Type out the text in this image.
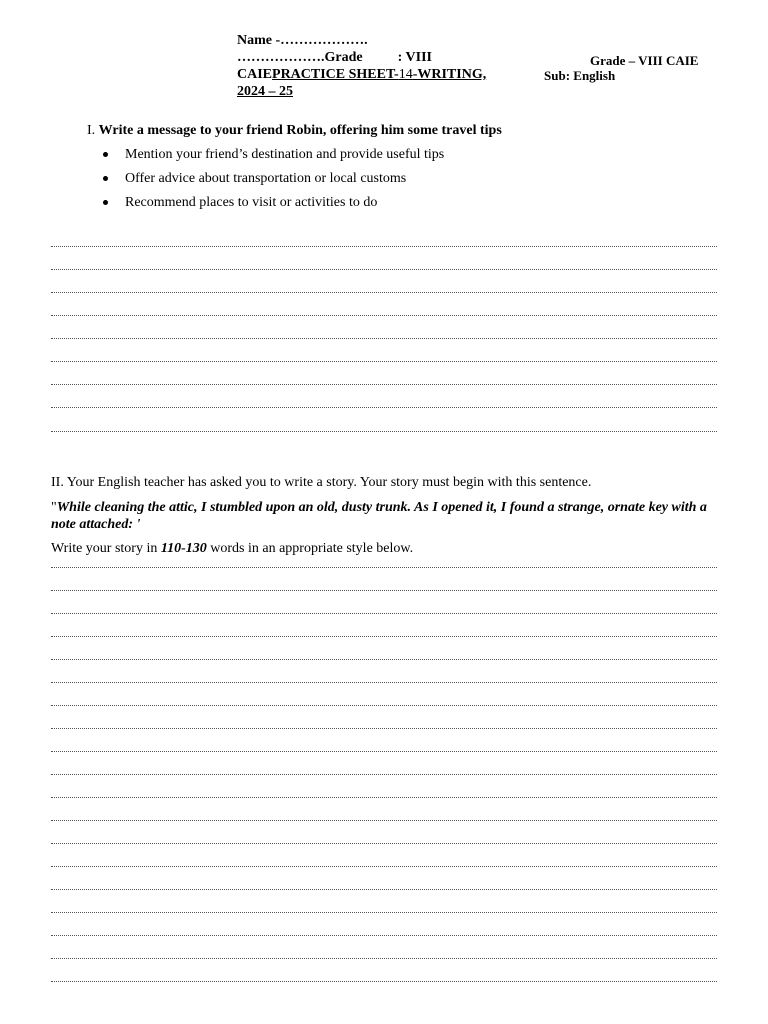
Name -……………….
……………….Grade	: VIII
CAIEPRACTICE SHEET-14-WRITING,
2024 – 25
Grade – VIII CAIE
Sub: English
I. Write a message to your friend Robin, offering him some travel tips
Mention your friend’s destination and provide useful tips
Offer advice about transportation or local customs
Recommend places to visit or activities to do
II. Your English teacher has asked you to write a story. Your story must begin with this sentence.
"While cleaning the attic, I stumbled upon an old, dusty trunk. As I opened it, I found a strange, ornate key with a note attached: '
Write your story in 110-130 words in an appropriate style below.
